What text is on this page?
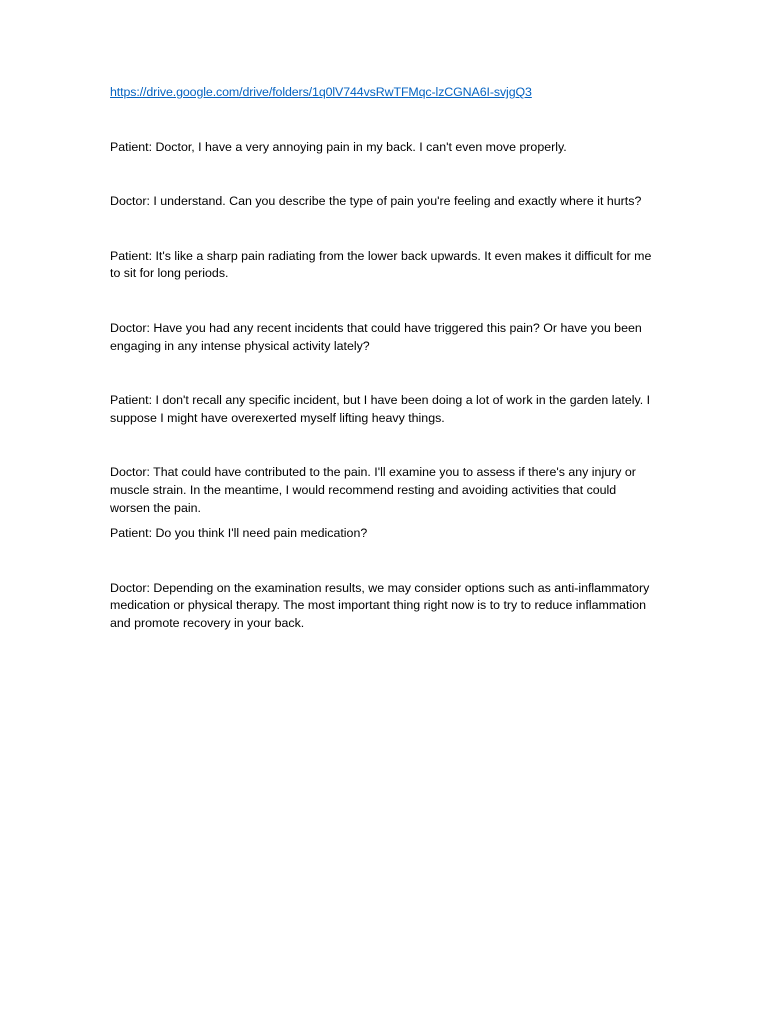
https://drive.google.com/drive/folders/1q0lV744vsRwTFMqc-lzCGNA6I-svjgQ3

Patient: Doctor, I have a very annoying pain in my back. I can't even move properly.

Doctor: I understand. Can you describe the type of pain you're feeling and exactly where it hurts?

Patient: It's like a sharp pain radiating from the lower back upwards. It even makes it difficult for me to sit for long periods.

Doctor: Have you had any recent incidents that could have triggered this pain? Or have you been engaging in any intense physical activity lately?

Patient: I don't recall any specific incident, but I have been doing a lot of work in the garden lately. I suppose I might have overexerted myself lifting heavy things.

Doctor: That could have contributed to the pain. I'll examine you to assess if there's any injury or muscle strain. In the meantime, I would recommend resting and avoiding activities that could worsen the pain.

Patient: Do you think I'll need pain medication?

Doctor: Depending on the examination results, we may consider options such as anti-inflammatory medication or physical therapy. The most important thing right now is to try to reduce inflammation and promote recovery in your back.
